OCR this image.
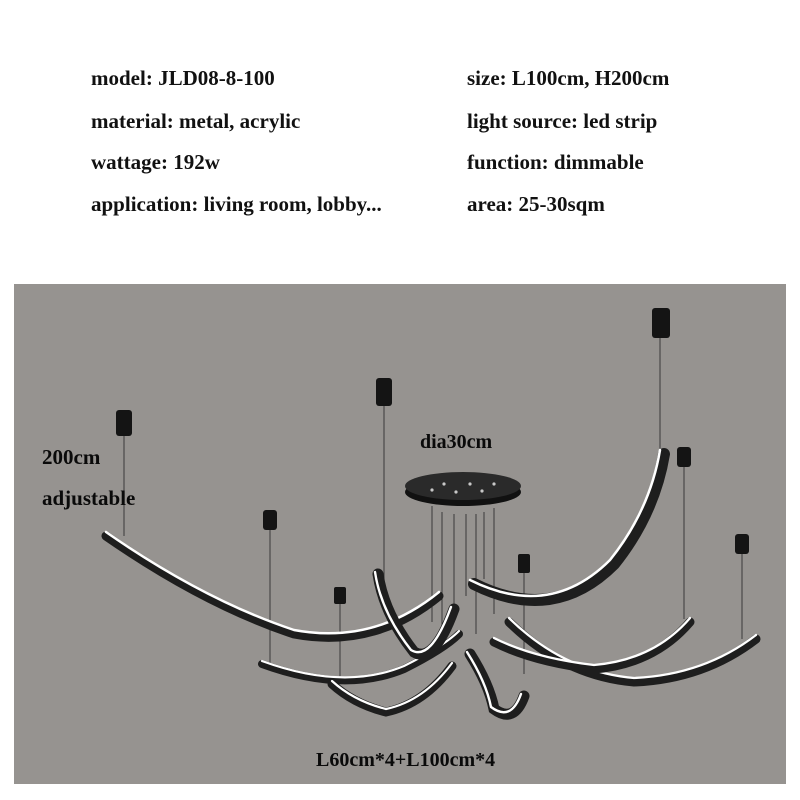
model: JLD08-8-100	size: L100cm, H200cm
material: metal, acrylic	light source: led strip
wattage: 192w	function: dimmable
application: living room, lobby...	area: 25-30sqm
200cm
adjustable
dia30cm
L60cm*4+L100cm*4
